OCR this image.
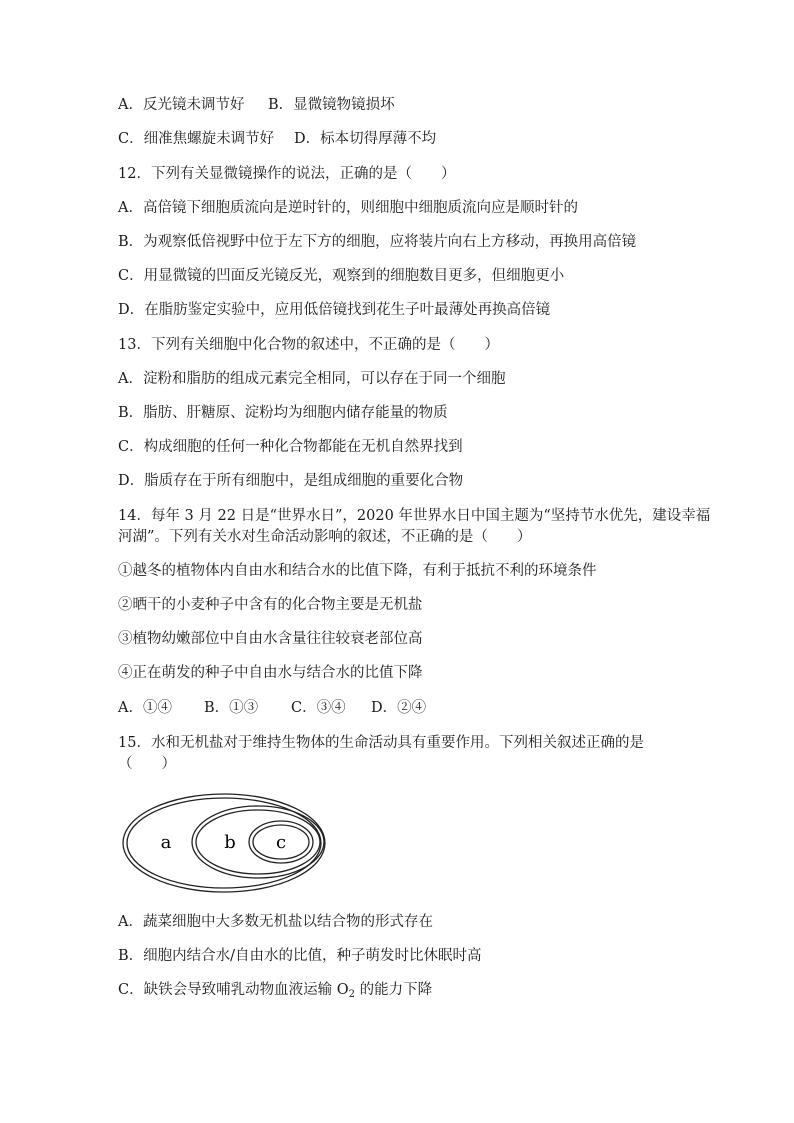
A．反光镜未调节好 B．显微镜物镜损坏
C．细准焦螺旋未调节好 D．标本切得厚薄不均
12．下列有关显微镜操作的说法，正确的是（　　）
A．高倍镜下细胞质流向是逆时针的，则细胞中细胞质流向应是顺时针的
B．为观察低倍视野中位于左下方的细胞，应将装片向右上方移动，再换用高倍镜
C．用显微镜的凹面反光镜反光，观察到的细胞数目更多，但细胞更小
D．在脂肪鉴定实验中，应用低倍镜找到花生子叶最薄处再换高倍镜
13．下列有关细胞中化合物的叙述中，不正确的是（　　）
A．淀粉和脂肪的组成元素完全相同，可以存在于同一个细胞
B．脂肪、肝糖原、淀粉均为细胞内储存能量的物质
C．构成细胞的任何一种化合物都能在无机自然界找到
D．脂质存在于所有细胞中，是组成细胞的重要化合物
14．每年 3 月 22 日是“世界水日”，2020 年世界水日中国主题为“坚持节水优先，建设幸福
河湖”。下列有关水对生命活动影响的叙述，不正确的是（　　）
①越冬的植物体内自由水和结合水的比值下降，有利于抵抗不利的环境条件
②晒干的小麦种子中含有的化合物主要是无机盐
③植物幼嫩部位中自由水含量往往较衰老部位高
④正在萌发的种子中自由水与结合水的比值下降
A．①④ B．①③ C．③④ D．②④
15．水和无机盐对于维持生物体的生命活动具有重要作用。下列相关叙述正确的是
（　　）
a	b c
A．蔬菜细胞中大多数无机盐以结合物的形式存在
B．细胞内结合水/自由水的比值，种子萌发时比休眠时高
C．缺铁会导致哺乳动物血液运输 $O_2$ 的能力下降
